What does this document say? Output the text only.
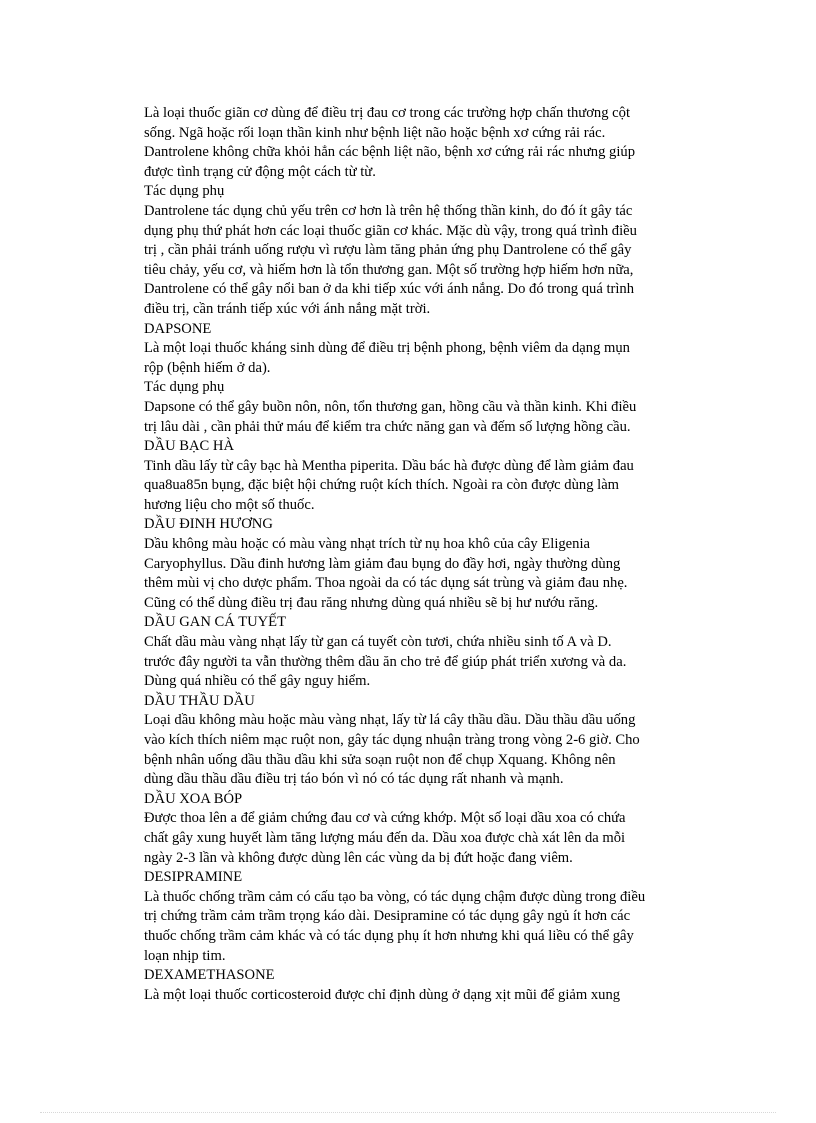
Là loại thuốc giãn cơ dùng để điều trị đau cơ trong các trường hợp chấn thương cột

sống. Ngã hoặc rối loạn thần kinh như bệnh liệt não hoặc bệnh xơ cứng rải rác.

Dantrolene không chữa khỏi hẳn các bệnh liệt não, bệnh xơ cứng rải rác nhưng giúp

được tình trạng cử động một cách từ từ.

Tác dụng phụ

Dantrolene tác dụng chủ yếu trên cơ hơn là trên hệ thống thần kinh, do đó ít gây tác

dụng phụ thứ phát hơn các loại thuốc giãn cơ khác. Mặc dù vậy, trong quá trình điều

trị , cần phải tránh uống rượu vì rượu làm tăng phản ứng phụ Dantrolene có thể gây

tiêu chảy, yếu cơ, và hiếm hơn là tổn thương gan. Một số trường hợp hiếm hơn nữa,

Dantrolene có thể gây nổi ban ở da khi tiếp xúc với ánh nắng. Do đó trong quá trình

điều trị, cần tránh tiếp xúc với ánh nắng mặt trời.

DAPSONE

Là một loại thuốc kháng sinh dùng để điều trị bệnh phong, bệnh viêm da dạng mụn

rộp (bệnh hiếm ở da).

Tác dụng phụ

Dapsone có thể gây buồn nôn, nôn, tổn thương gan, hồng cầu và thần kinh. Khi điều

trị lâu dài , cần phải thử máu để kiểm tra chức năng gan và đếm số lượng hồng cầu.

DẦU BẠC HÀ

Tinh dầu lấy từ cây bạc hà Mentha piperita. Dầu bác hà được dùng để làm giảm đau

qua8ua85n bụng, đặc biệt hội chứng ruột kích thích. Ngoài ra còn được dùng làm

hương liệu cho một số thuốc.

DẦU ĐINH HƯƠNG

Dầu không màu hoặc có màu vàng nhạt trích từ nụ hoa khô của cây Eligenia

Caryophyllus. Dầu đinh hương làm giảm đau bụng do đầy hơi, ngày thường dùng

thêm mùi vị cho dược phẩm. Thoa ngoài da có tác dụng sát trùng và giảm đau nhẹ.

Cũng có thể dùng điều trị đau răng nhưng dùng quá nhiều sẽ bị hư nướu răng.

DẦU GAN CÁ TUYẾT

Chất dầu màu vàng nhạt lấy từ gan cá tuyết còn tươi, chứa nhiều sinh tố A và D.

trước đây người ta vẫn thường thêm dầu ăn cho trẻ để giúp phát triển xương và da.

Dùng quá nhiều có thể gây nguy hiểm.

DẦU THẦU DẦU

Loại dầu không màu hoặc màu vàng nhạt, lấy từ lá cây thầu dầu. Dầu thầu dầu uống

vào kích thích niêm mạc ruột non, gây tác dụng nhuận tràng trong vòng 2-6 giờ. Cho

bệnh nhân uống dầu thầu dầu khi sửa soạn ruột non để chụp Xquang. Không nên

dùng dầu thầu dầu điều trị táo bón vì nó có tác dụng rất nhanh và mạnh.

DẦU XOA BÓP

Được thoa lên a để giảm chứng đau cơ và cứng khớp. Một số loại dầu xoa có chứa

chất gây xung huyết làm tăng lượng máu đến da. Dầu xoa được chà xát lên da mỗi

ngày 2-3 lần và không được dùng lên các vùng da bị đứt hoặc đang viêm.

DESIPRAMINE

Là thuốc chống trầm cảm có cấu tạo ba vòng, có tác dụng chậm được dùng trong điều

trị chứng trầm cảm trầm trọng káo dài. Desipramine có tác dụng gây ngủ ít hơn các

thuốc chống trầm cảm khác và có tác dụng phụ ít hơn nhưng khi quá liều có thể gây

loạn nhịp tim.

DEXAMETHASONE

Là một loại thuốc corticosteroid được chỉ định dùng ở dạng xịt mũi để giảm xung
